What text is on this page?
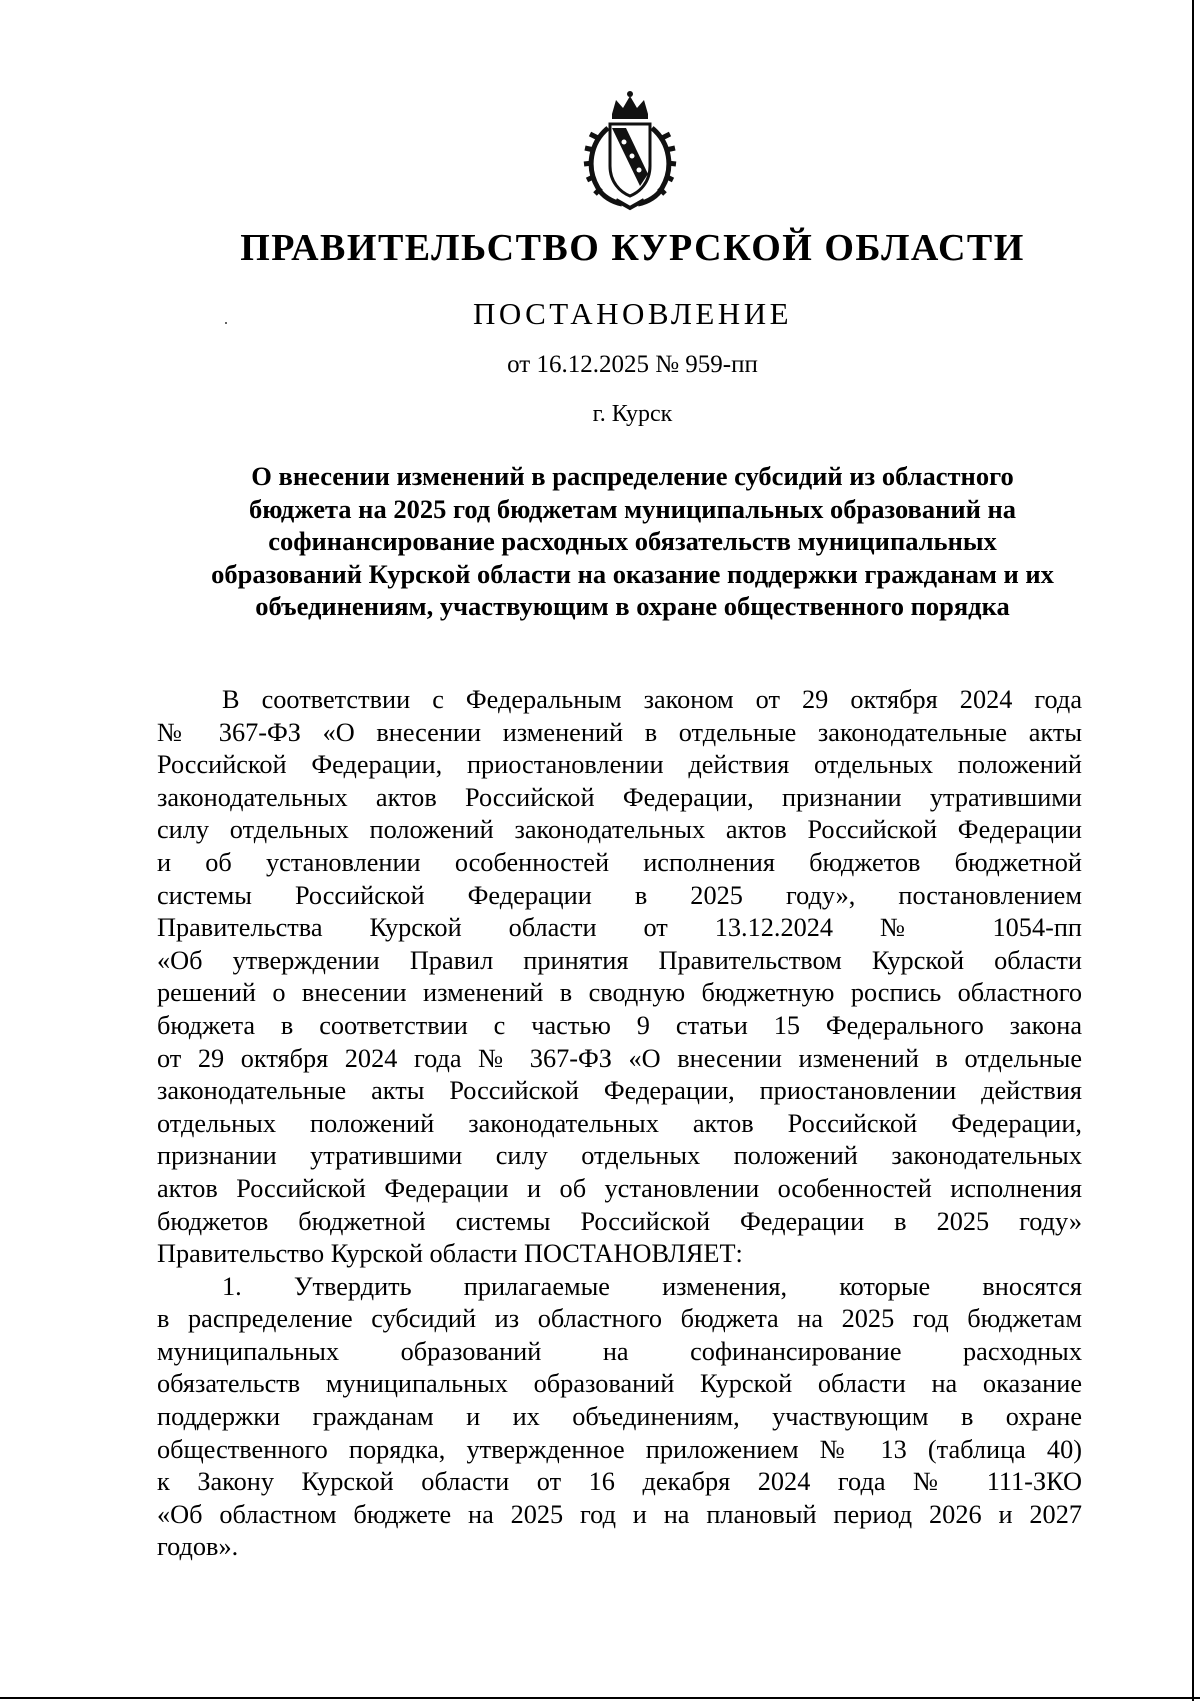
ПРАВИТЕЛЬСТВО КУРСКОЙ ОБЛАСТИ
ПОСТАНОВЛЕНИЕ
от 16.12.2025 № 959-пп
г. Курск
О внесении изменений в распределение субсидий из областного
бюджета на 2025 год бюджетам муниципальных образований на
софинансирование расходных обязательств муниципальных
образований Курской области на оказание поддержки гражданам и их
объединениям, участвующим в охране общественного порядка
В соответствии с Федеральным законом от 29 октября 2024 года
№ 367-ФЗ «О внесении изменений в отдельные законодательные акты
Российской Федерации, приостановлении действия отдельных положений
законодательных актов Российской Федерации, признании утратившими
силу отдельных положений законодательных актов Российской Федерации
и об установлении особенностей исполнения бюджетов бюджетной
системы Российской Федерации в 2025 году», постановлением
Правительства Курской области от 13.12.2024 № 1054-пп
«Об утверждении Правил принятия Правительством Курской области
решений о внесении изменений в сводную бюджетную роспись областного
бюджета в соответствии с частью 9 статьи 15 Федерального закона
от 29 октября 2024 года № 367-ФЗ «О внесении изменений в отдельные
законодательные акты Российской Федерации, приостановлении действия
отдельных положений законодательных актов Российской Федерации,
признании утратившими силу отдельных положений законодательных
актов Российской Федерации и об установлении особенностей исполнения
бюджетов бюджетной системы Российской Федерации в 2025 году»
Правительство Курской области ПОСТАНОВЛЯЕТ:
1. Утвердить прилагаемые изменения, которые вносятся
в распределение субсидий из областного бюджета на 2025 год бюджетам
муниципальных образований на софинансирование расходных
обязательств муниципальных образований Курской области на оказание
поддержки гражданам и их объединениям, участвующим в охране
общественного порядка, утвержденное приложением № 13 (таблица 40)
к Закону Курской области от 16 декабря 2024 года № 111-ЗКО
«Об областном бюджете на 2025 год и на плановый период 2026 и 2027
годов».
